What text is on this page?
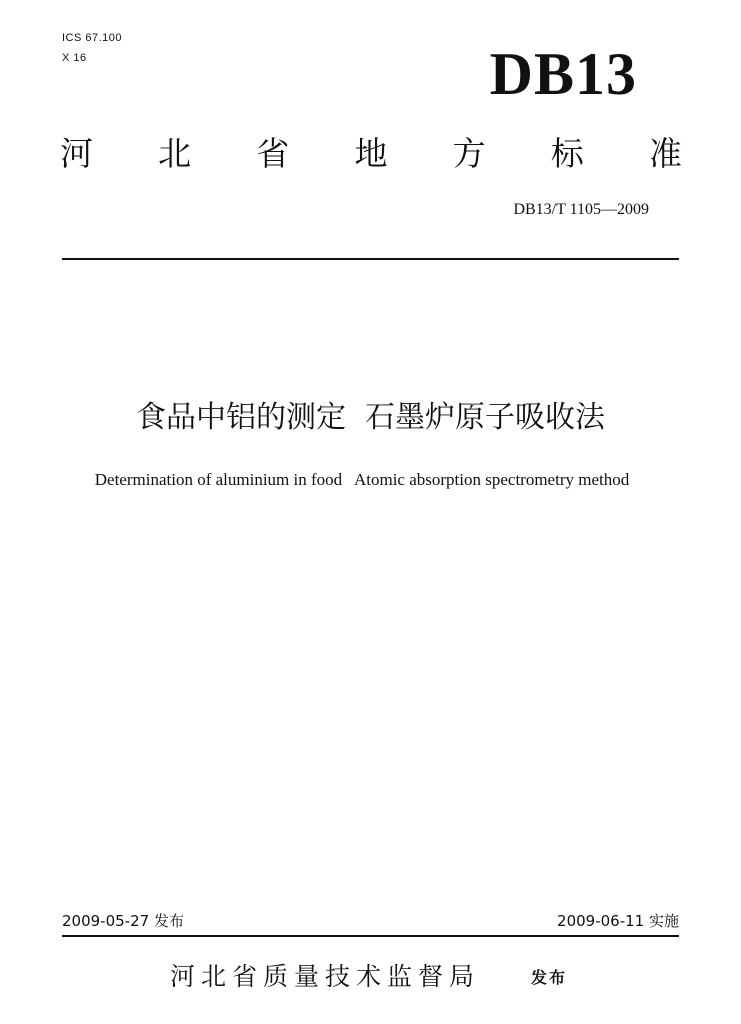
ICS 67.100
X 16	DB13
河 北 省 地 方 标 准
DB13/T 1105—2009
食品中铝的测定  石墨炉原子吸收法
Determination of aluminium in food   Atomic absorption spectrometry method
2009-05-27 发布	2009-06-11 实施
河北省质量技术监督局	发布
